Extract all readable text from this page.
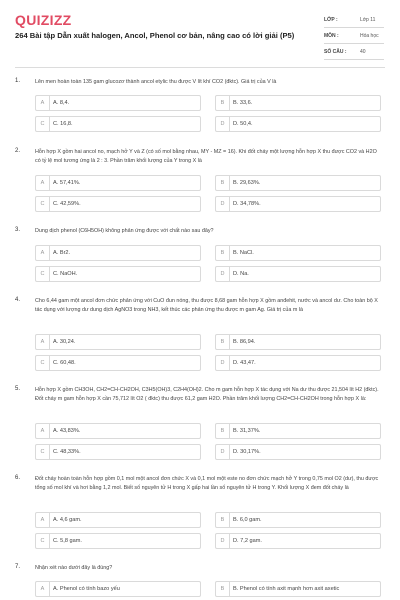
QUIZIZZ
264 Bài tập Dẫn xuất halogen, Ancol, Phenol cơ bản, nâng cao có lời giải (P5)
LỚP :	Lớp 11
MÔN :	Hóa học
SỐ CÂU :	40
1.	Lên men hoàn toàn 135 gam glucozơ thành ancol etylic thu được V lít khí CO2 (đktc). Giá trị của V là
A	A. 8,4.	B	B. 33,6.
C	C. 16,8.	D	D. 50,4.
2.	Hỗn hợp X gồm hai ancol no, mạch hở Y và Z (có số mol bằng nhau, MY - MZ = 16). Khi đốt cháy một lượng hỗn hợp X thu được CO2 và H2O có tỷ lệ mol tương ứng là 2 : 3. Phần trăm khối lượng của Y trong X là
A	A. 57,41%.	B	B. 29,63%.
C	C. 42,59%.	D	D. 34,78%.
3.	Dung dịch phenol (C6H5OH) không phản ứng được với chất nào sau đây?
A	A. Br2.	B	B. NaCl.
C	C. NaOH.	D	D. Na.
4.	Cho 6,44 gam một ancol đơn chức phản ứng với CuO đun nóng, thu được 8,68 gam hỗn hợp X gồm anđehit, nước và ancol dư. Cho toàn bộ X tác dụng với lượng dư dung dịch AgNO3 trong NH3, kết thúc các phản ứng thu được m gam Ag. Giá trị của m là
A	A. 30,24.	B	B. 86,94.
C	C. 60,48.	D	D. 43,47.
5.	Hỗn hợp X gồm CH3OH, CH2=CH-CH2OH, C3H5(OH)3, C2H4(OH)2. Cho m gam hỗn hợp X tác dụng với Na dư thu được 21,504 lít H2 (đktc). Đốt cháy m gam hỗn hợp X cần 75,712 lít O2 ( đktc) thu được 61,2 gam H2O. Phần trăm khối lượng CH2=CH-CH2OH trong hỗn hợp X là:
A	A. 43,83%.	B	B. 31,37%.
C	C. 48,33%.	D	D. 30,17%.
6.	Đốt cháy hoàn toàn hỗn hợp gồm 0,1 mol một ancol đơn chức X và 0,1 mol một este no đơn chức mạch hở Y trong 0,75 mol O2 (dư), thu được tổng số mol khí và hơi bằng 1,2 mol. Biết số nguyên tử H trong X gấp hai lần số nguyên tử H trong Y. Khối lượng X đem đốt cháy là
A	A. 4,6 gam.	B	B. 6,0 gam.
C	C. 5,8 gam.	D	D. 7,2 gam.
7.	Nhận xét nào dưới đây là đúng?
A	A. Phenol có tính bazo yếu	B	B. Phenol có tính axit mạnh hơn axit axetic
